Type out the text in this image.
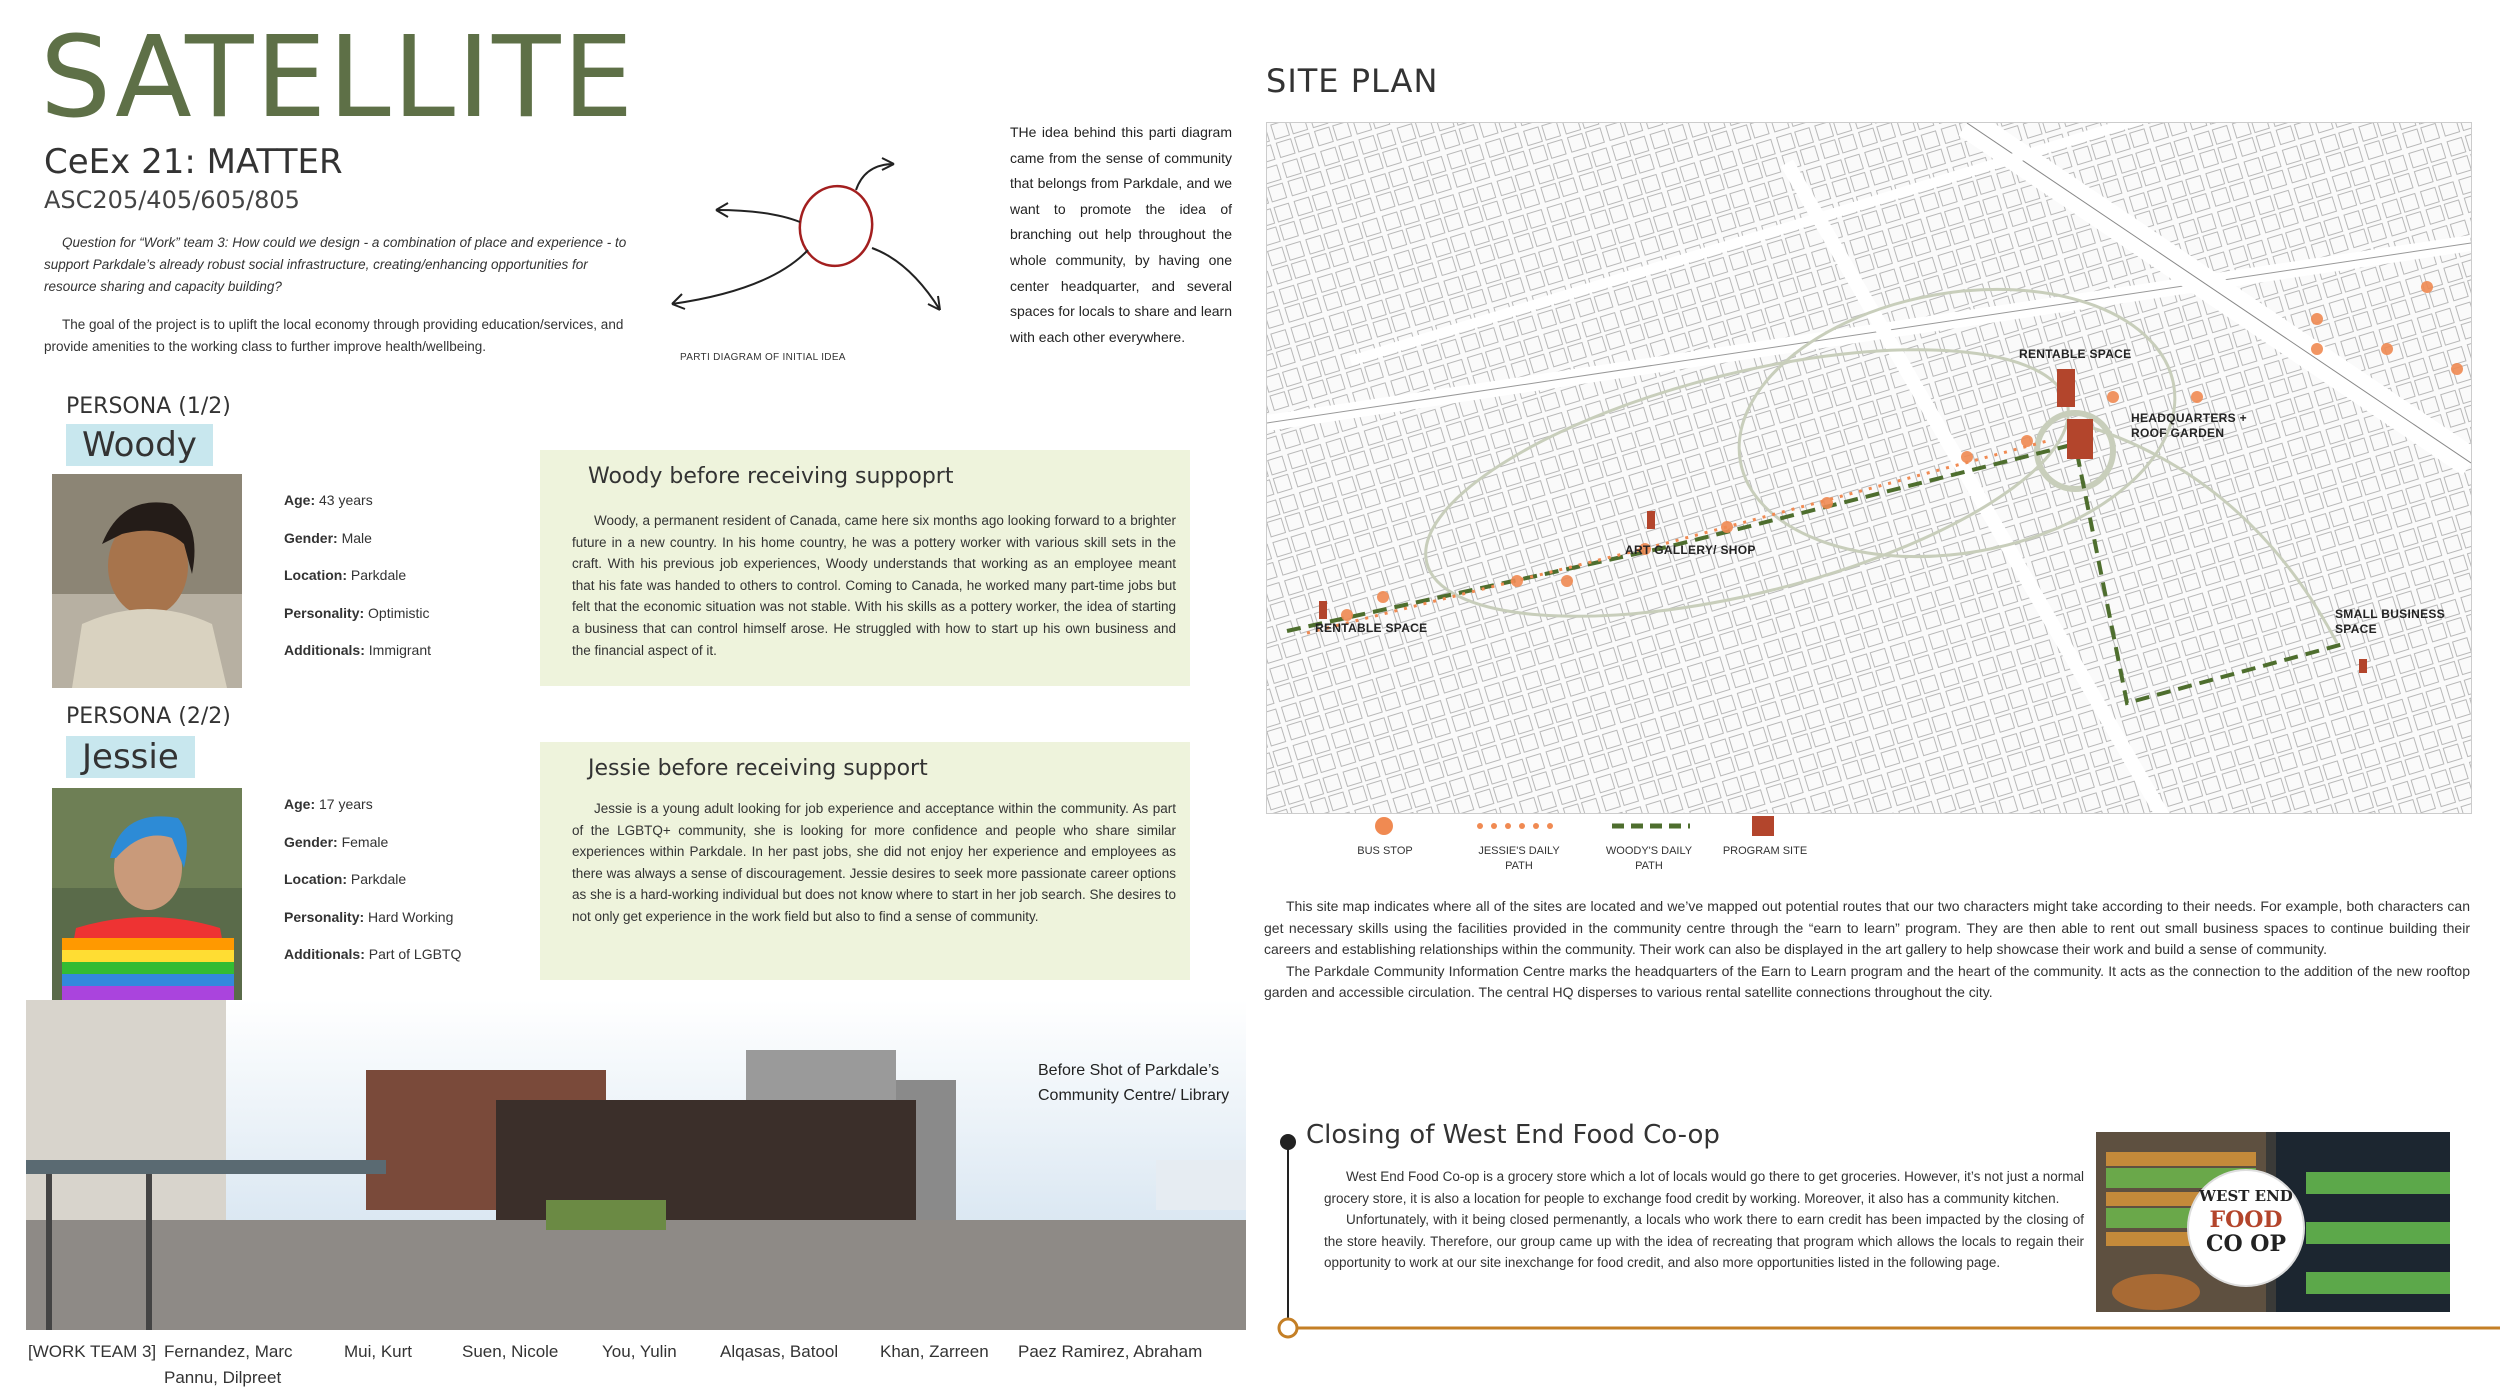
SATELLITE
CeEx 21: MATTER
ASC205/405/605/805
Question for “Work” team 3: How could we design - a combination of place and experience - to support Parkdale’s already robust social infrastructure, creating/enhancing opportunities for resource sharing and capacity building?
The goal of the project is to uplift the local economy through providing education/services, and provide amenities to the working class to further improve health/wellbeing.
PARTI DIAGRAM OF INITIAL IDEA
THe idea behind this parti diagram came from the sense of community that belongs from Parkdale, and we want to promote the idea of branching out help throughout the whole community, by having one center headquarter, and several spaces for locals to share and learn with each other everywhere.
PERSONA (1/2)
Woody
Age: 43 years
Gender: Male
Location: Parkdale
Personality: Optimistic
Additionals: Immigrant
Woody before receiving suppoprt
Woody, a permanent resident of Canada, came here six months ago looking forward to a brighter future in a new country. In his home country, he was a pottery worker with various skill sets in the craft. With his previous job experiences, Woody understands that working as an employee meant that his fate was handed to others to control. Coming to Canada, he worked many part-time jobs but felt that the economic situation was not stable. With his skills as a pottery worker, the idea of starting a business that can control himself arose. He struggled with how to start up his own business and the financial aspect of it.
PERSONA (2/2)
Jessie
Age: 17 years
Gender: Female
Location: Parkdale
Personality: Hard Working
Additionals: Part of LGBTQ
Jessie before receiving support
Jessie is a young adult looking for job experience and acceptance within the community. As part of the LGBTQ+ community, she is looking for more confidence and people who share similar experiences within Parkdale. In her past jobs, she did not enjoy her experience and employees as there was always a sense of discouragement. Jessie desires to seek more passionate career options as she is a hard-working individual but does not know where to start in her job search. She desires to not only get experience in the work field but also to find a sense of community.
Before Shot of Parkdale’s
Community Centre/ Library
[WORK TEAM 3] Fernandez, Marc
Pannu, Dilpreet
Mui, Kurt	Suen, Nicole	You, Yulin	Alqasas, Batool Khan, Zarreen Paez Ramirez, Abraham
SITE PLAN
RENTABLE SPACE
HEADQUARTERS +
ROOF GARDEN
ART GALLERY/ SHOP
RENTABLE SPACE
SMALL BUSINESS
SPACE
BUS STOP	JESSIE'S DAILY
PATH
WOODY'S DAILY
PATH
PROGRAM SITE

This site map indicates where all of the sites are located and we’ve mapped out potential routes that our two characters might take according to their needs. For example, both characters can get necessary skills using the facilities provided in the community centre through the “earn to learn” program. They are then able to rent out small business spaces to continue building their careers and establishing relationships within the community. Their work can also be displayed in the art gallery to help showcase their work and build a sense of community.

The Parkdale Community Information Centre marks the headquarters of the Earn to Learn program and the heart of the community. It acts as the connection to the addition of the new rooftop garden and accessible circulation. The central HQ disperses to various rental satellite connections throughout the city.

Closing of West End Food Co-op

West End Food Co-op is a grocery store which a lot of locals would go there to get groceries. However, it’s not just a normal grocery store, it is also a location for people to exchange food credit by working. Moreover, it also has a community kitchen.

Unfortunately, with it being closed permenantly, a locals who work there to earn credit has been impacted by the closing of the store heavily. Therefore, our group came up with the idea of recreating that program which allows the locals to regain their opportunity to work at our site inexchange for food credit, and also more opportunities listed in the following page.

WEST END
FOOD
CO OP
